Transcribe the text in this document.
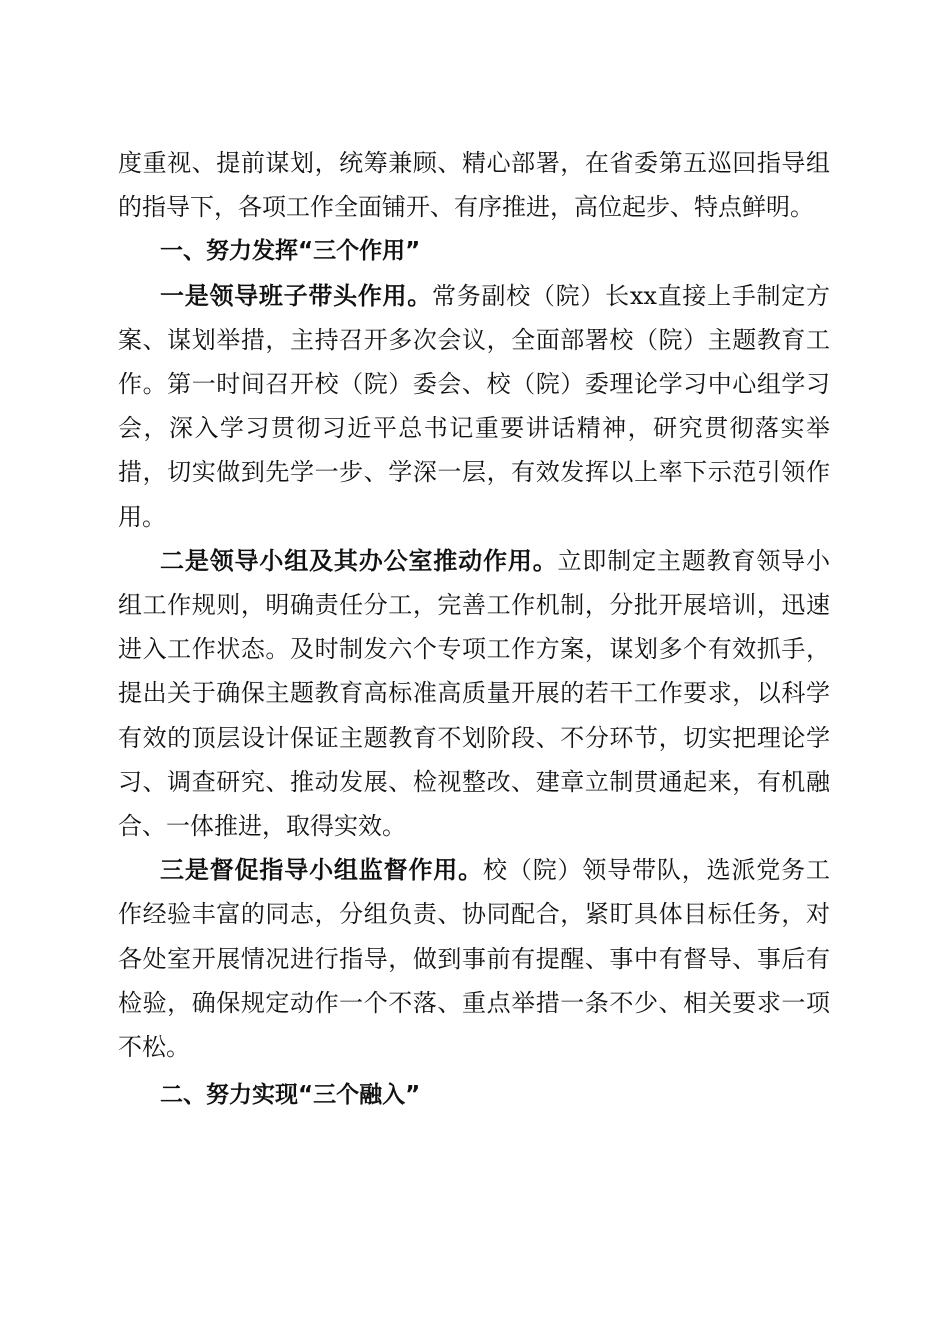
度重视、提前谋划，统筹兼顾、精心部署，在省委第五巡回指导组的指导下，各项工作全面铺开、有序推进，高位起步、特点鲜明。

一、努力发挥“三个作用”

一是领导班子带头作用。常务副校（院）长xx直接上手制定方案、谋划举措，主持召开多次会议，全面部署校（院）主题教育工作。第一时间召开校（院）委会、校（院）委理论学习中心组学习会，深入学习贯彻习近平总书记重要讲话精神，研究贯彻落实举措，切实做到先学一步、学深一层，有效发挥以上率下示范引领作用。

二是领导小组及其办公室推动作用。立即制定主题教育领导小组工作规则，明确责任分工，完善工作机制，分批开展培训，迅速进入工作状态。及时制发六个专项工作方案，谋划多个有效抓手，提出关于确保主题教育高标准高质量开展的若干工作要求，以科学有效的顶层设计保证主题教育不划阶段、不分环节，切实把理论学习、调查研究、推动发展、检视整改、建章立制贯通起来，有机融合、一体推进，取得实效。

三是督促指导小组监督作用。校（院）领导带队，选派党务工作经验丰富的同志，分组负责、协同配合，紧盯具体目标任务，对各处室开展情况进行指导，做到事前有提醒、事中有督导、事后有检验，确保规定动作一个不落、重点举措一条不少、相关要求一项不松。

二、努力实现“三个融入”
